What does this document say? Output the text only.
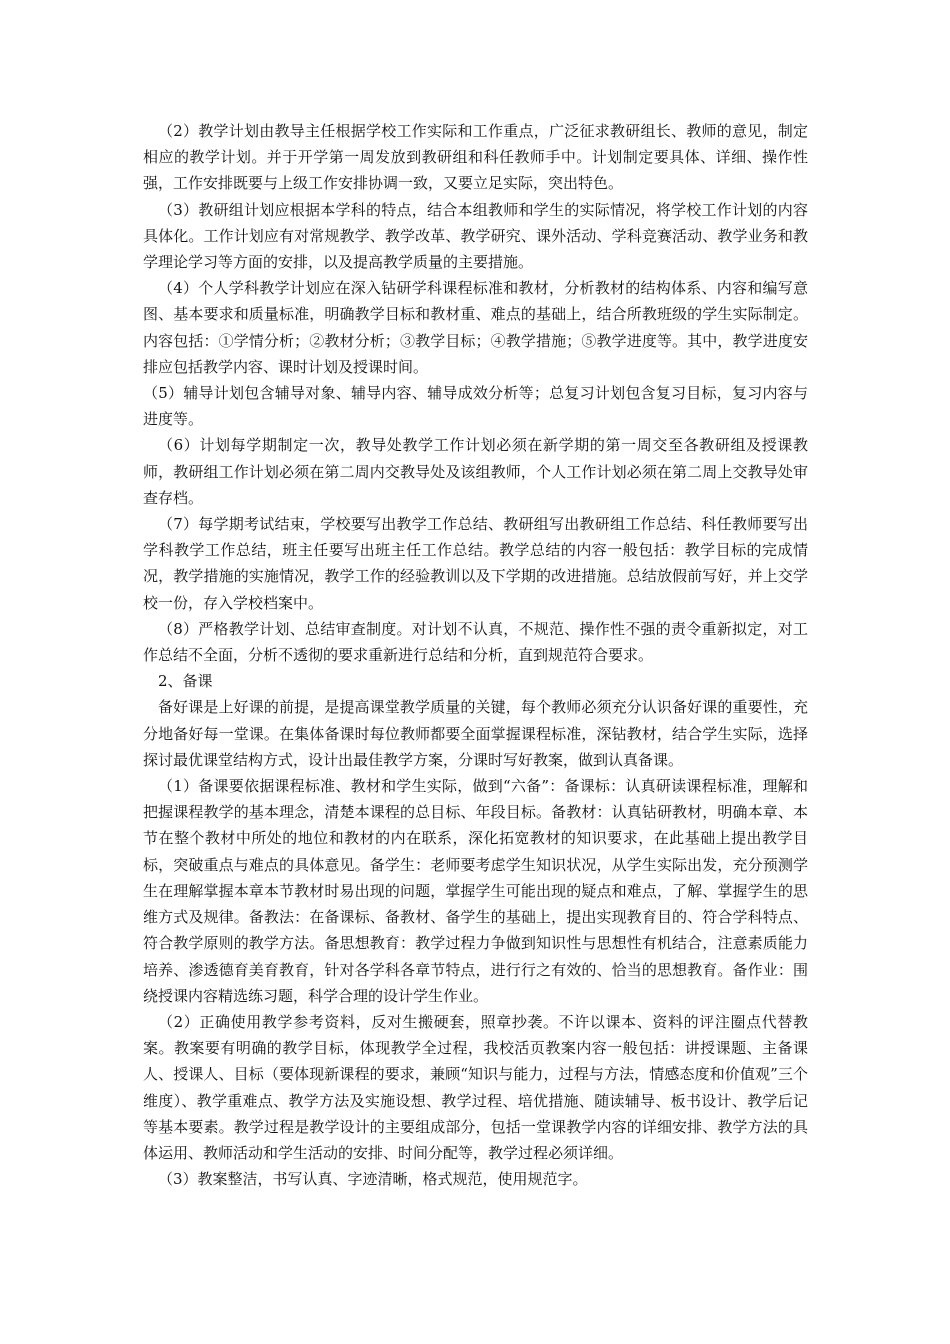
（2）教学计划由教导主任根据学校工作实际和工作重点，广泛征求教研组长、教师的意见，制定相应的教学计划。并于开学第一周发放到教研组和科任教师手中。计划制定要具体、详细、操作性强，工作安排既要与上级工作安排协调一致，又要立足实际，突出特色。

（3）教研组计划应根据本学科的特点，结合本组教师和学生的实际情况，将学校工作计划的内容具体化。工作计划应有对常规教学、教学改革、教学研究、课外活动、学科竞赛活动、教学业务和教学理论学习等方面的安排，以及提高教学质量的主要措施。

（4）个人学科教学计划应在深入钻研学科课程标准和教材，分析教材的结构体系、内容和编写意图、基本要求和质量标准，明确教学目标和教材重、难点的基础上，结合所教班级的学生实际制定。内容包括：①学情分析；②教材分析；③教学目标；④教学措施；⑤教学进度等。其中，教学进度安排应包括教学内容、课时计划及授课时间。

（5）辅导计划包含辅导对象、辅导内容、辅导成效分析等；总复习计划包含复习目标，复习内容与进度等。

（6）计划每学期制定一次，教导处教学工作计划必须在新学期的第一周交至各教研组及授课教师，教研组工作计划必须在第二周内交教导处及该组教师，个人工作计划必须在第二周上交教导处审查存档。

（7）每学期考试结束，学校要写出教学工作总结、教研组写出教研组工作总结、科任教师要写出学科教学工作总结，班主任要写出班主任工作总结。教学总结的内容一般包括：教学目标的完成情况，教学措施的实施情况，教学工作的经验教训以及下学期的改进措施。总结放假前写好，并上交学校一份，存入学校档案中。

（8）严格教学计划、总结审查制度。对计划不认真，不规范、操作性不强的责令重新拟定，对工作总结不全面，分析不透彻的要求重新进行总结和分析，直到规范符合要求。

2、备课

备好课是上好课的前提，是提高课堂教学质量的关键，每个教师必须充分认识备好课的重要性，充分地备好每一堂课。在集体备课时每位教师都要全面掌握课程标准，深钻教材，结合学生实际，选择探讨最优课堂结构方式，设计出最佳教学方案，分课时写好教案，做到认真备课。

（1）备课要依据课程标准、教材和学生实际，做到“六备”：备课标：认真研读课程标准，理解和把握课程教学的基本理念，清楚本课程的总目标、年段目标。备教材：认真钻研教材，明确本章、本节在整个教材中所处的地位和教材的内在联系，深化拓宽教材的知识要求，在此基础上提出教学目标，突破重点与难点的具体意见。备学生：老师要考虑学生知识状况，从学生实际出发，充分预测学生在理解掌握本章本节教材时易出现的问题，掌握学生可能出现的疑点和难点，了解、掌握学生的思维方式及规律。备教法：在备课标、备教材、备学生的基础上，提出实现教育目的、符合学科特点、符合教学原则的教学方法。备思想教育：教学过程力争做到知识性与思想性有机结合，注意素质能力培养、渗透德育美育教育，针对各学科各章节特点，进行行之有效的、恰当的思想教育。备作业：围绕授课内容精选练习题，科学合理的设计学生作业。

（2）正确使用教学参考资料，反对生搬硬套，照章抄袭。不许以课本、资料的评注圈点代替教案。教案要有明确的教学目标，体现教学全过程，我校活页教案内容一般包括：讲授课题、主备课人、授课人、目标（要体现新课程的要求，兼顾“知识与能力，过程与方法，情感态度和价值观”三个维度）、教学重难点、教学方法及实施设想、教学过程、培优措施、随读辅导、板书设计、教学后记等基本要素。教学过程是教学设计的主要组成部分，包括一堂课教学内容的详细安排、教学方法的具体运用、教师活动和学生活动的安排、时间分配等，教学过程必须详细。

（3）教案整洁，书写认真、字迹清晰，格式规范，使用规范字。
